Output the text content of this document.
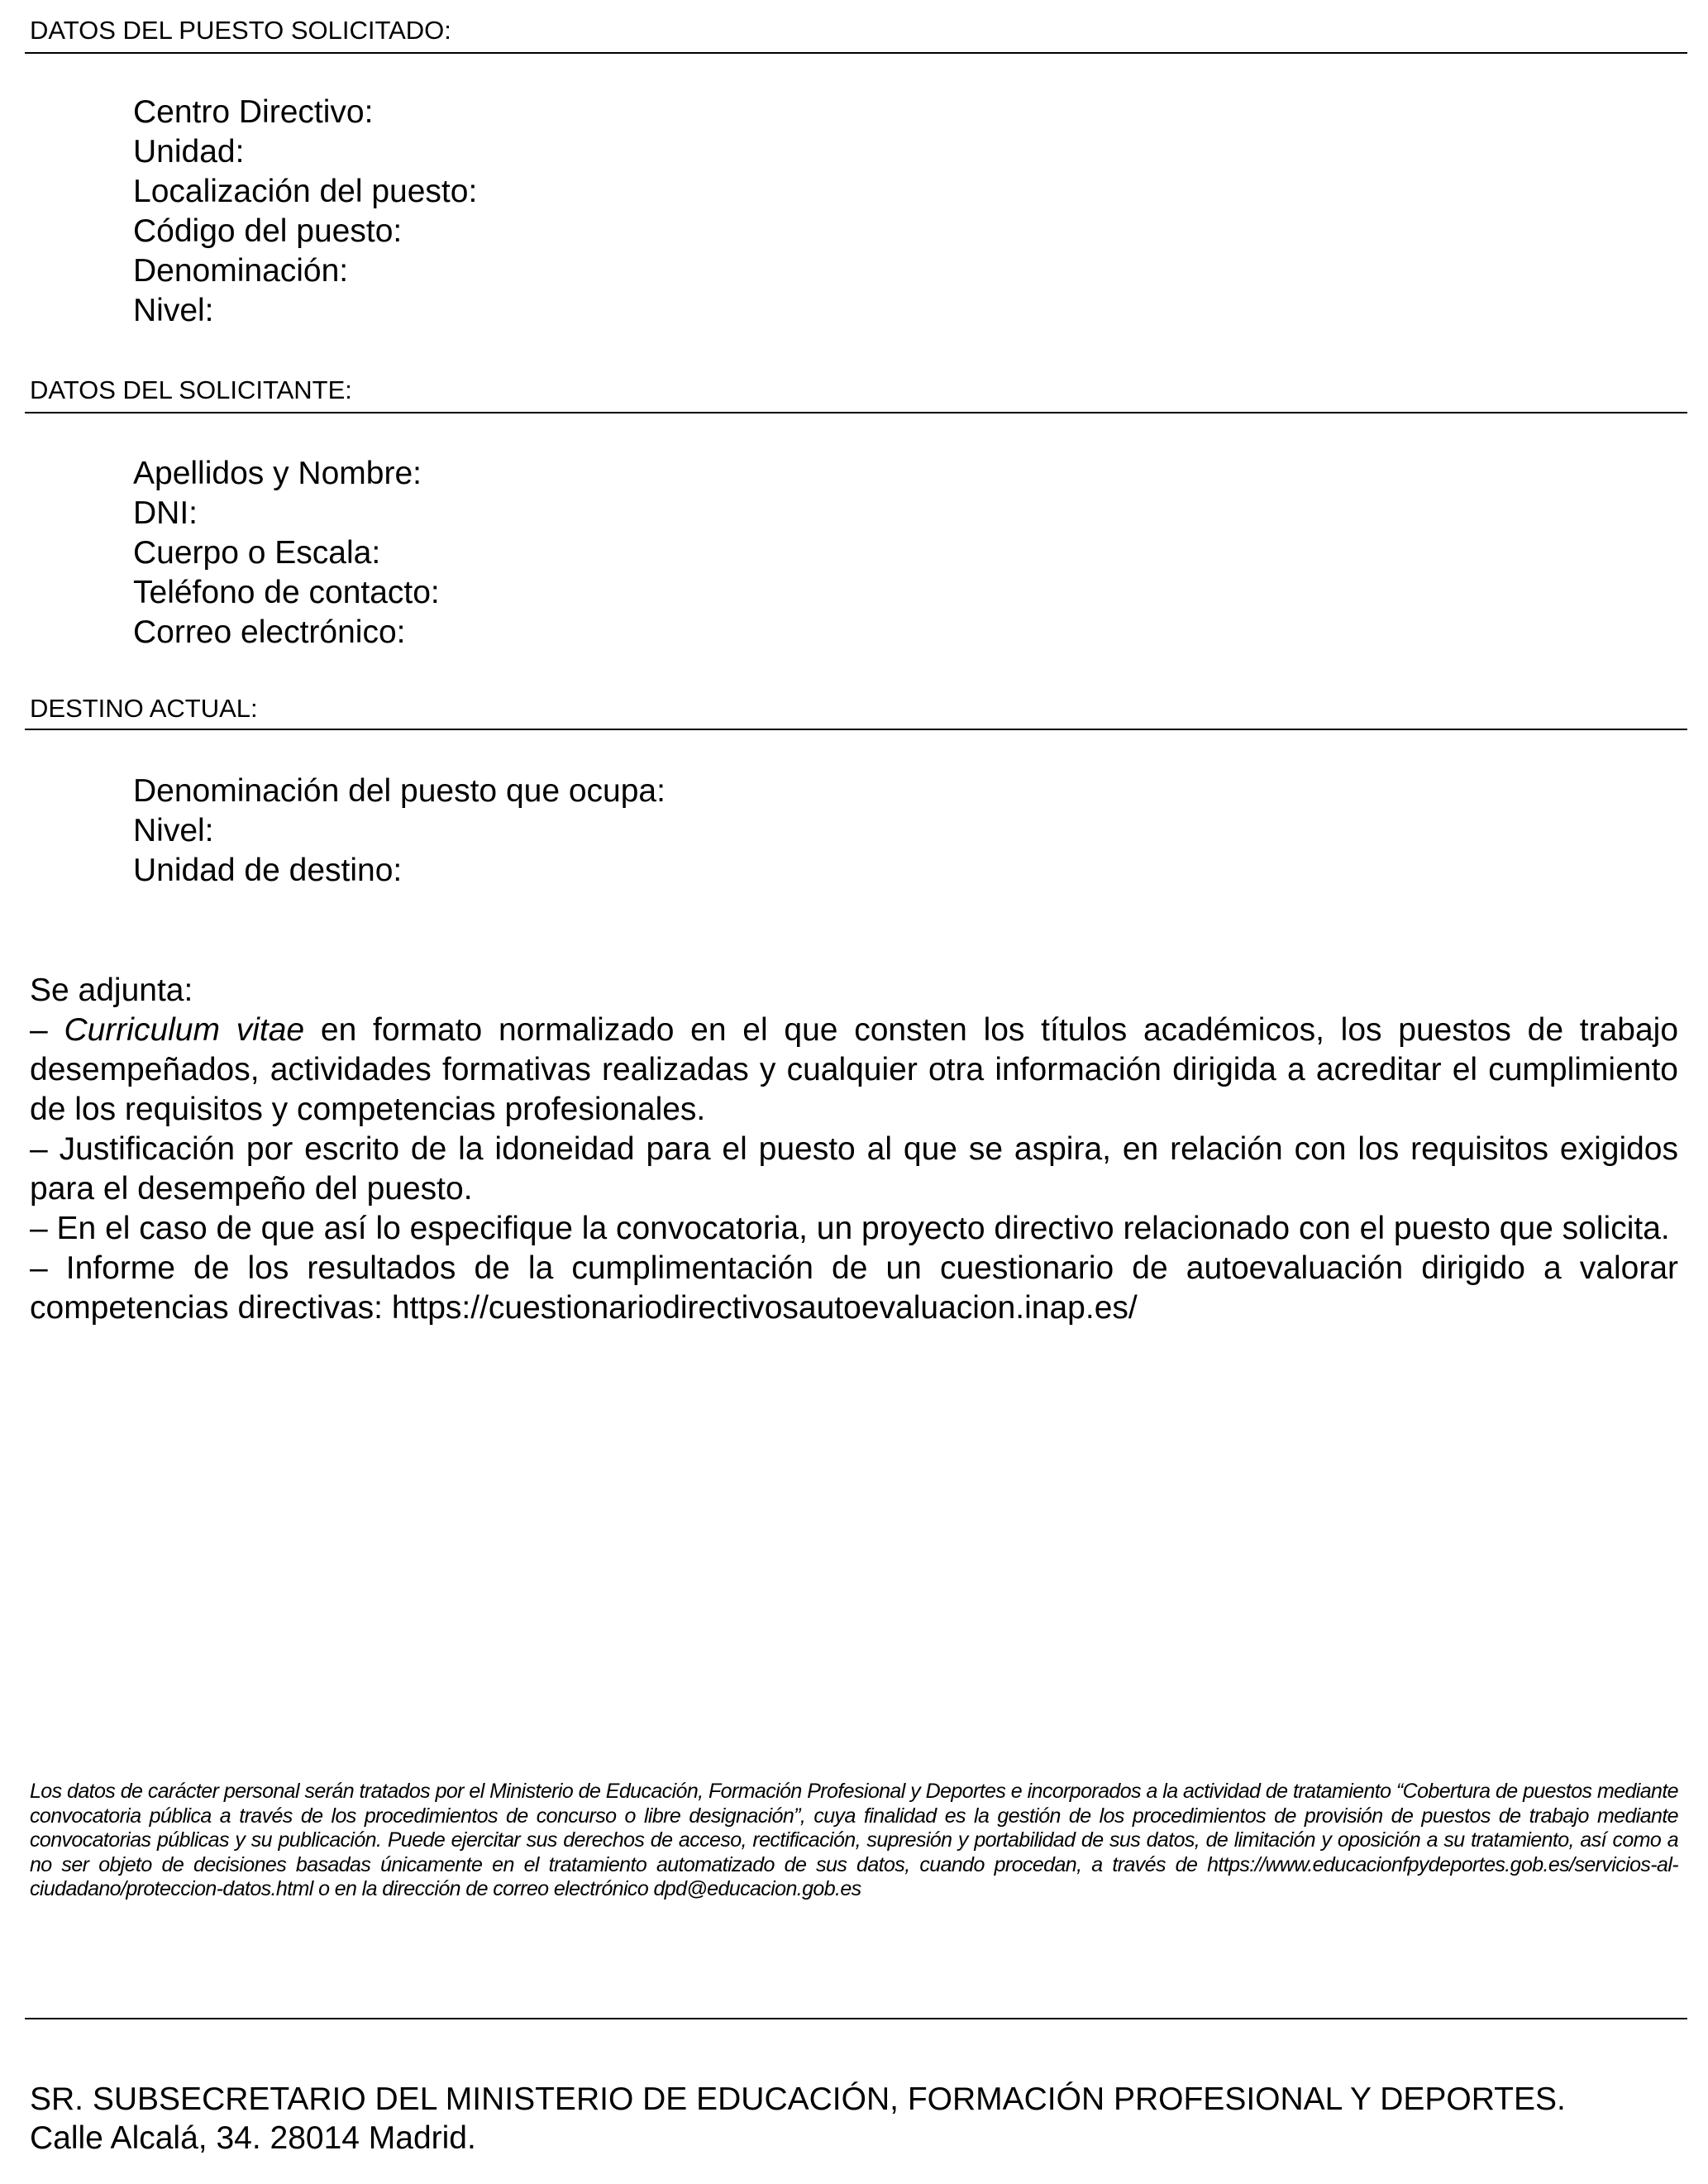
DATOS DEL PUESTO SOLICITADO:
Centro Directivo:
Unidad:
Localización del puesto:
Código del puesto:
Denominación:
Nivel:
DATOS DEL SOLICITANTE:
Apellidos y Nombre:
DNI:
Cuerpo o Escala:
Teléfono de contacto:
Correo electrónico:
DESTINO ACTUAL:
Denominación del puesto que ocupa:
Nivel:
Unidad de destino:
Se adjunta:
– Curriculum vitae en formato normalizado en el que consten los títulos académicos, los puestos de trabajo desempeñados, actividades formativas realizadas y cualquier otra información dirigida a acreditar el cumplimiento de los requisitos y competencias profesionales.
– Justificación por escrito de la idoneidad para el puesto al que se aspira, en relación con los requisitos exigidos para el desempeño del puesto.
– En el caso de que así lo especifique la convocatoria, un proyecto directivo relacionado con el puesto que solicita.
– Informe de los resultados de la cumplimentación de un cuestionario de autoevaluación dirigido a valorar competencias directivas: https://cuestionariodirectivosautoevaluacion.inap.es/
Los datos de carácter personal serán tratados por el Ministerio de Educación, Formación Profesional y Deportes e incorporados a la actividad de tratamiento “Cobertura de puestos mediante convocatoria pública a través de los procedimientos de concurso o libre designación”, cuya finalidad es la gestión de los procedimientos de provisión de puestos de trabajo mediante convocatorias públicas y su publicación. Puede ejercitar sus derechos de acceso, rectificación, supresión y portabilidad de sus datos, de limitación y oposición a su tratamiento, así como a no ser objeto de decisiones basadas únicamente en el tratamiento automatizado de sus datos, cuando procedan, a través de https://www.educacionfpydeportes.gob.es/servicios-al-ciudadano/proteccion-datos.html o en la dirección de correo electrónico dpd@educacion.gob.es
SR. SUBSECRETARIO DEL MINISTERIO DE EDUCACIÓN, FORMACIÓN PROFESIONAL Y DEPORTES.
Calle Alcalá, 34. 28014 Madrid.
